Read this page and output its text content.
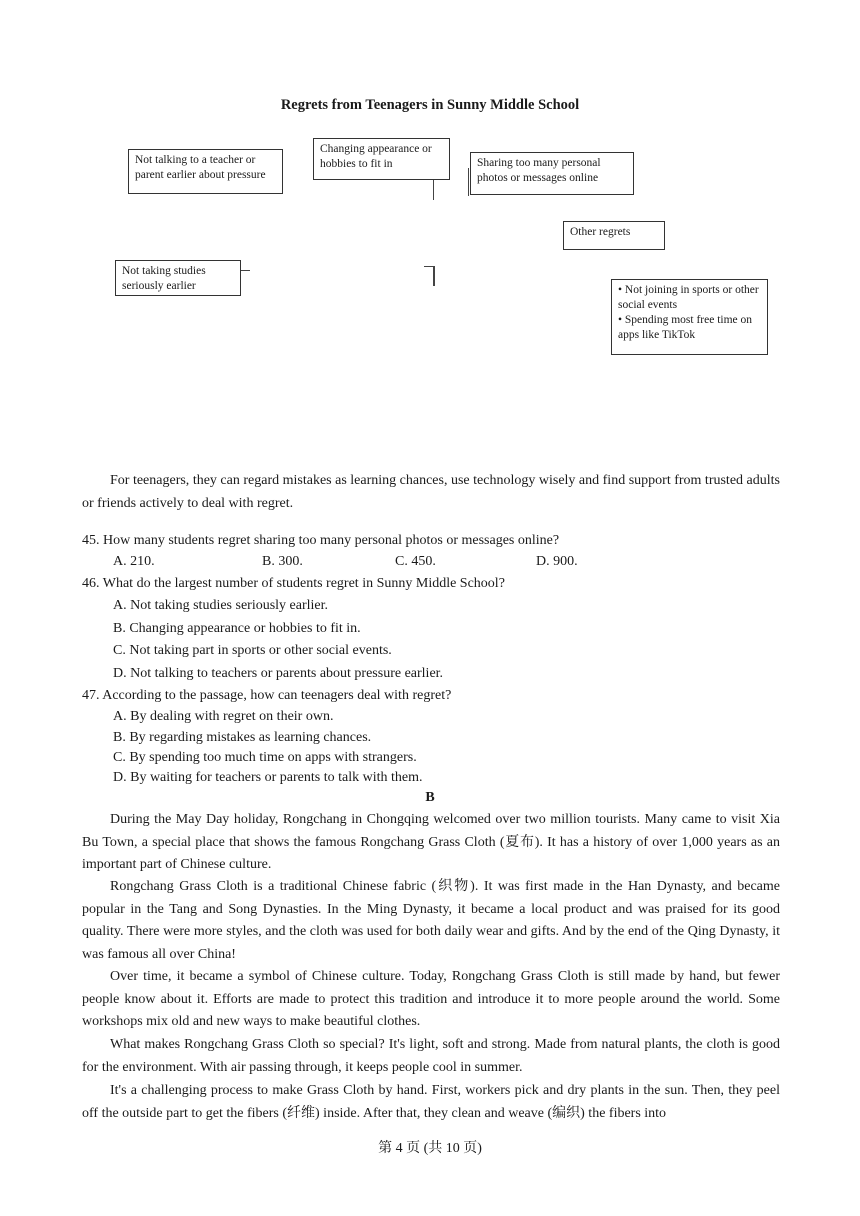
Regrets from Teenagers in Sunny Middle School
Not talking to a teacher or parent earlier about pressure
Changing appearance or hobbies to fit in	Sharing too many personal photos or messages online
Other regrets
Not taking studies seriously earlier	• Not joining in sports or other social events
• Spending most free time on apps like TikTok
For teenagers, they can regard mistakes as learning chances, use technology wisely and find support from trusted adults or friends actively to deal with regret.
45. How many students regret sharing too many personal photos or messages online?
A. 210.	B. 300.	C. 450.	D. 900.
46. What do the largest number of students regret in Sunny Middle School?
A. Not taking studies seriously earlier.
B. Changing appearance or hobbies to fit in.
C. Not taking part in sports or other social events.
D. Not talking to teachers or parents about pressure earlier.
47. According to the passage, how can teenagers deal with regret?
A. By dealing with regret on their own.
B. By regarding mistakes as learning chances.
C. By spending too much time on apps with strangers.
D. By waiting for teachers or parents to talk with them.
B
During the May Day holiday, Rongchang in Chongqing welcomed over two million tourists. Many came to visit Xia Bu Town, a special place that shows the famous Rongchang Grass Cloth (夏布). It has a history of over 1,000 years as an important part of Chinese culture.
Rongchang Grass Cloth is a traditional Chinese fabric (织物). It was first made in the Han Dynasty, and became popular in the Tang and Song Dynasties. In the Ming Dynasty, it became a local product and was praised for its good quality. There were more styles, and the cloth was used for both daily wear and gifts. And by the end of the Qing Dynasty, it was famous all over China!
Over time, it became a symbol of Chinese culture. Today, Rongchang Grass Cloth is still made by hand, but fewer people know about it. Efforts are made to protect this tradition and introduce it to more people around the world. Some workshops mix old and new ways to make beautiful clothes.
What makes Rongchang Grass Cloth so special? It's light, soft and strong. Made from natural plants, the cloth is good for the environment. With air passing through, it keeps people cool in summer.
It's a challenging process to make Grass Cloth by hand. First, workers pick and dry plants in the sun. Then, they peel off the outside part to get the fibers (纤维) inside. After that, they clean and weave (编织) the fibers into
第 4 页 (共 10 页)
